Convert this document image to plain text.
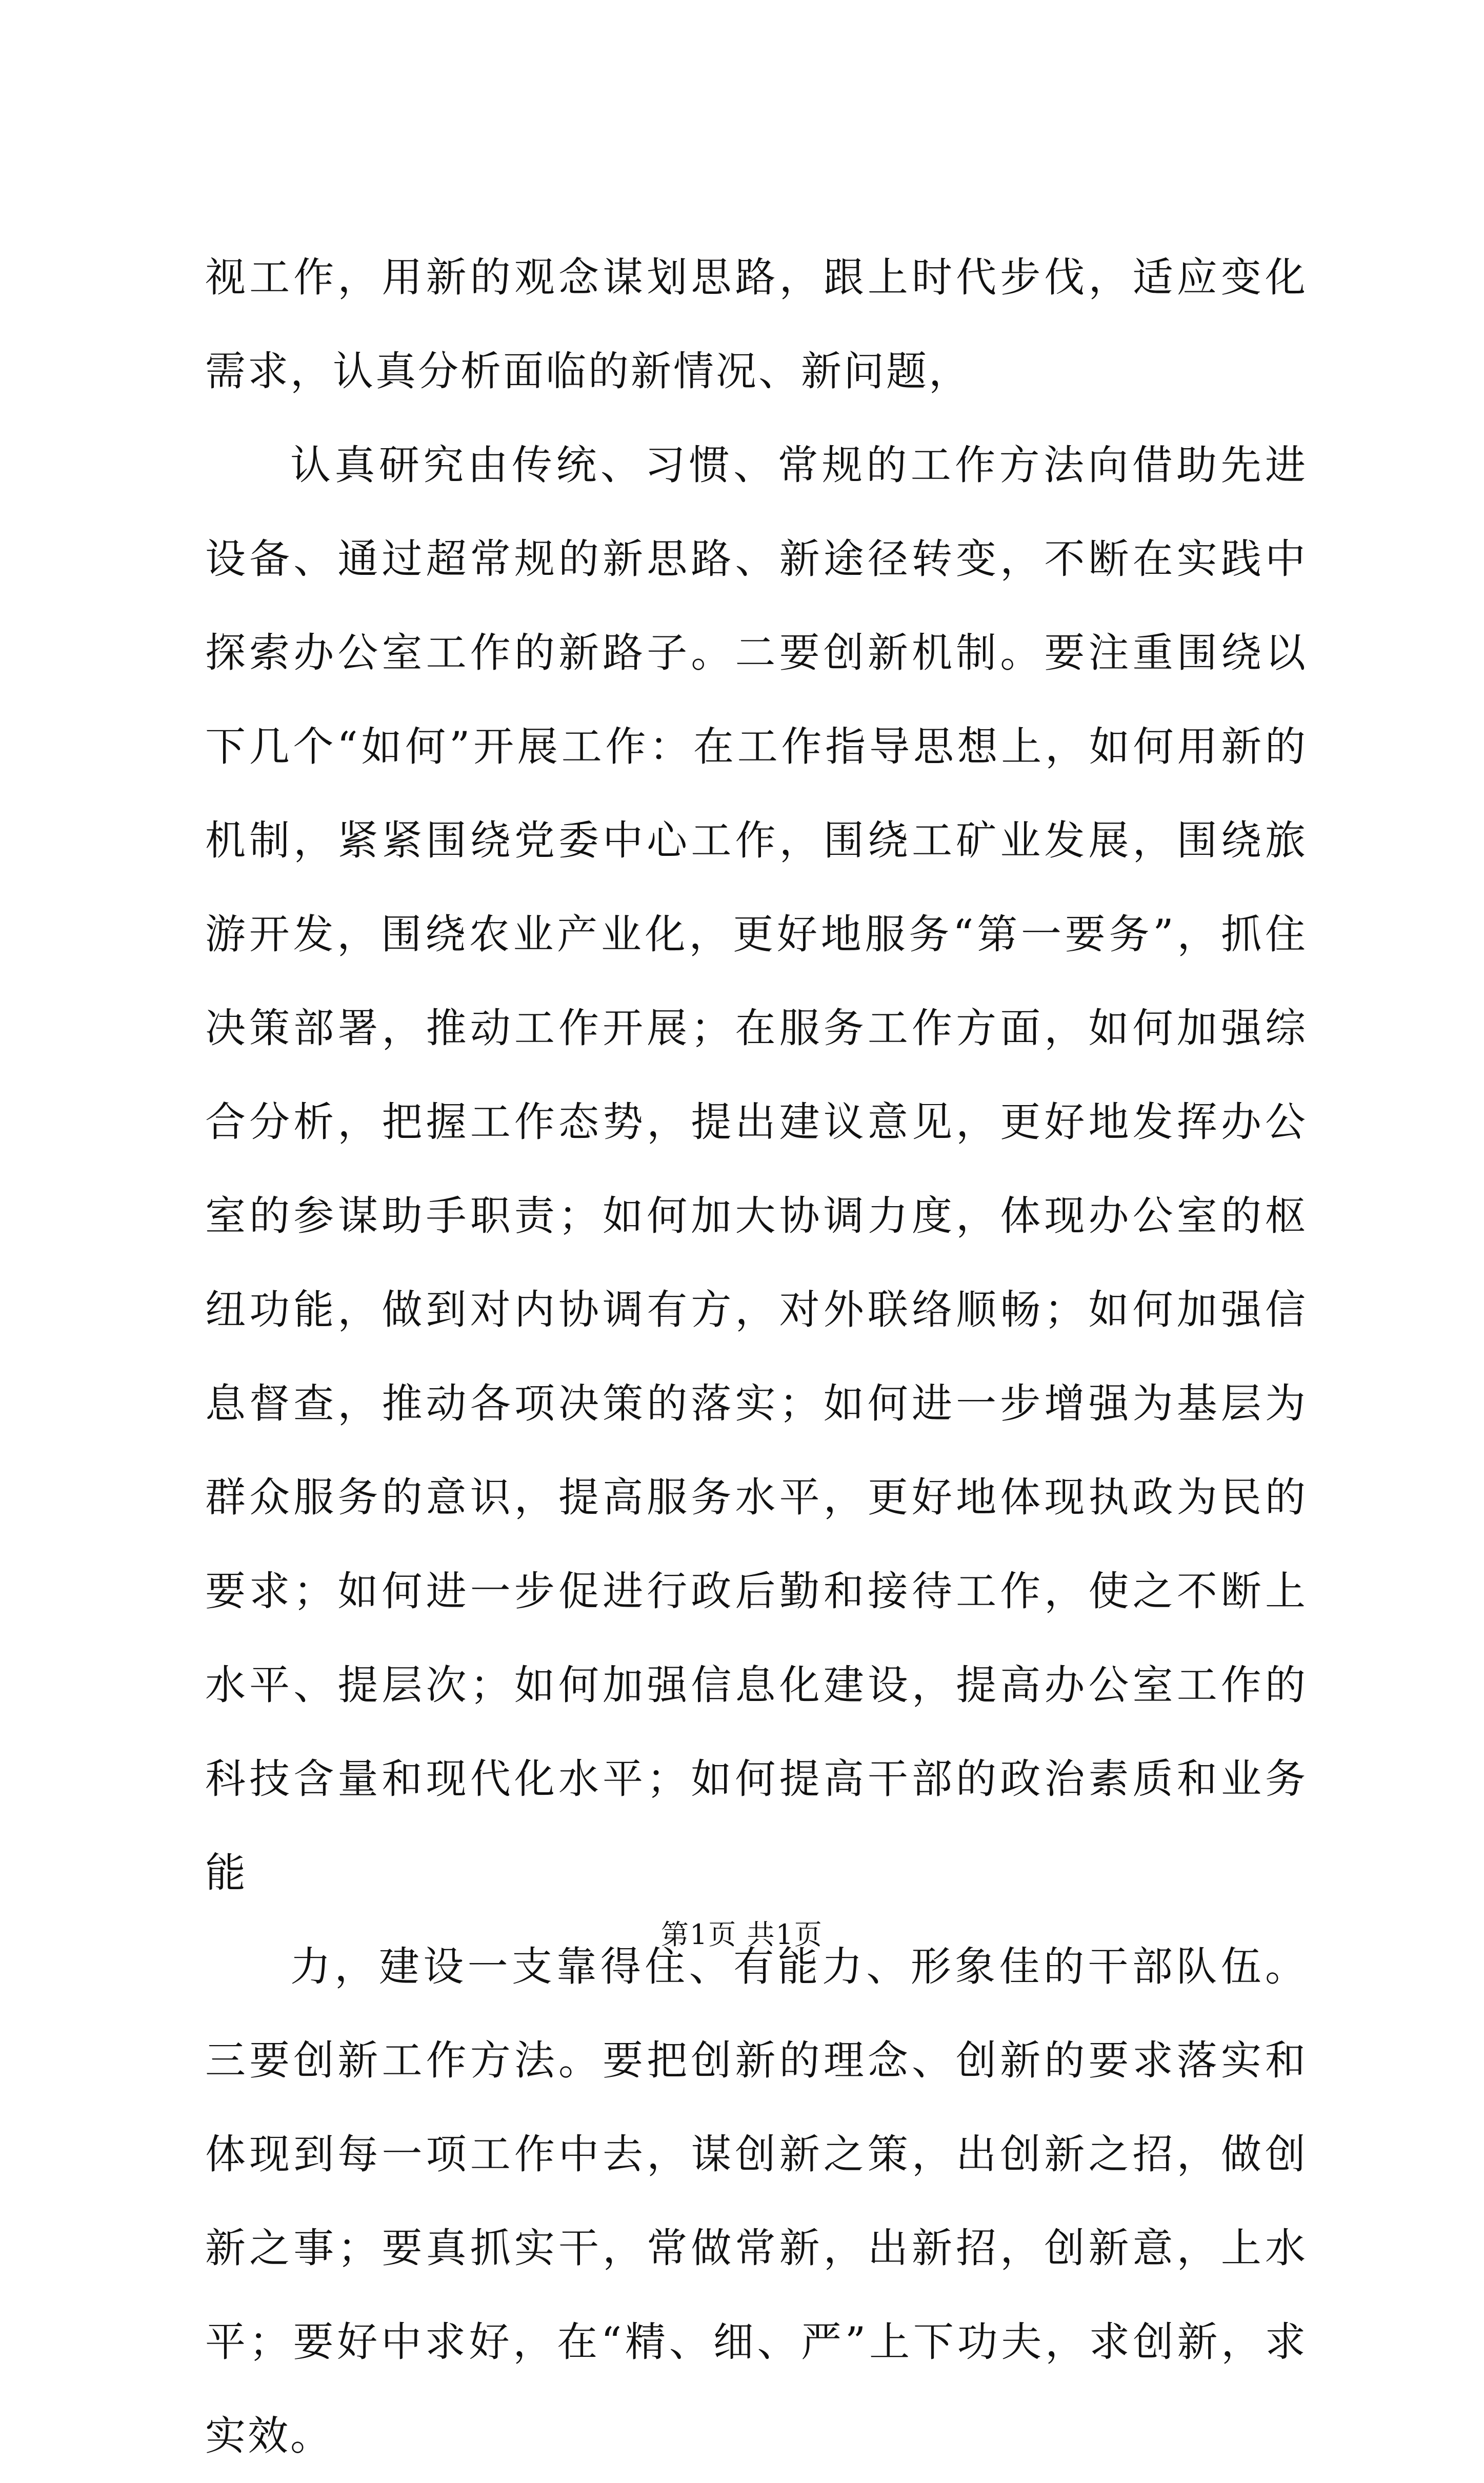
视工作，用新的观念谋划思路，跟上时代步伐，适应变化需求，认真分析面临的新情况、新问题，

认真研究由传统、习惯、常规的工作方法向借助先进设备、通过超常规的新思路、新途径转变，不断在实践中探索办公室工作的新路子。二要创新机制。要注重围绕以下几个“如何”开展工作：在工作指导思想上，如何用新的机制，紧紧围绕党委中心工作，围绕工矿业发展，围绕旅游开发，围绕农业产业化，更好地服务“第一要务”，抓住决策部署，推动工作开展；在服务工作方面，如何加强综合分析，把握工作态势，提出建议意见，更好地发挥办公室的参谋助手职责；如何加大协调力度，体现办公室的枢纽功能，做到对内协调有方，对外联络顺畅；如何加强信息督查，推动各项决策的落实；如何进一步增强为基层为群众服务的意识，提高服务水平，更好地体现执政为民的要求；如何进一步促进行政后勤和接待工作，使之不断上水平、提层次；如何加强信息化建设，提高办公室工作的科技含量和现代化水平；如何提高干部的政治素质和业务能

力，建设一支靠得住、有能力、形象佳的干部队伍。三要创新工作方法。要把创新的理念、创新的要求落实和体现到每一项工作中去，谋创新之策，出创新之招，做创新之事；要真抓实干，常做常新，出新招，创新意，上水平；要好中求好，在“精、细、严”上下功夫，求创新，求实效。

第1页 共1页
